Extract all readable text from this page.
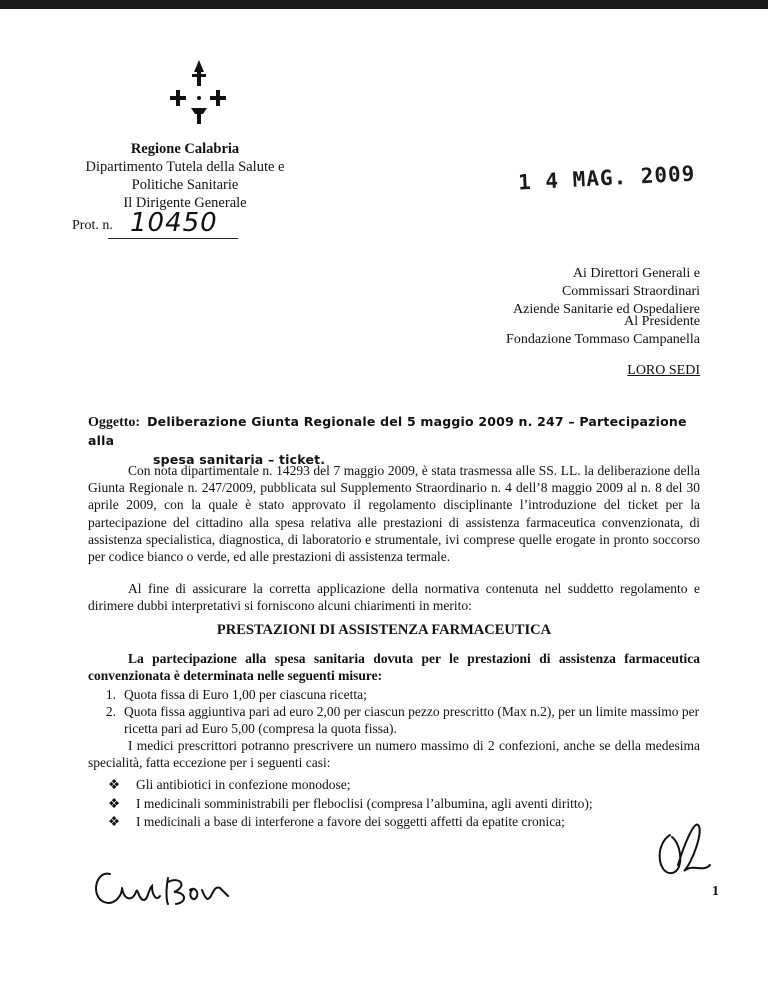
Regione Calabria
Dipartimento Tutela della Salute e
Politiche Sanitarie
Il Dirigente Generale
1 4 MAG. 2009
Prot. n. 10450
Ai Direttori Generali e
Commissari Straordinari
Aziende Sanitarie ed Ospedaliere
Al Presidente
Fondazione Tommaso Campanella
LORO SEDI
Oggetto: Deliberazione Giunta Regionale del 5 maggio 2009 n. 247 – Partecipazione alla
spesa sanitaria – ticket.
Con nota dipartimentale n. 14293 del 7 maggio 2009, è stata trasmessa alle SS. LL. la deliberazione della Giunta Regionale n. 247/2009, pubblicata sul Supplemento Straordinario n. 4 dell’8 maggio 2009 al n. 8 del 30 aprile 2009, con la quale è stato approvato il regolamento disciplinante l’introduzione del ticket per la partecipazione del cittadino alla spesa relativa alle prestazioni di assistenza farmaceutica convenzionata, di assistenza specialistica, diagnostica, di laboratorio e strumentale, ivi comprese quelle erogate in pronto soccorso per codice bianco o verde, ed alle prestazioni di assistenza termale.
Al fine di assicurare la corretta applicazione della normativa contenuta nel suddetto regolamento e dirimere dubbi interpretativi si forniscono alcuni chiarimenti in merito:
PRESTAZIONI DI ASSISTENZA FARMACEUTICA
La partecipazione alla spesa sanitaria dovuta per le prestazioni di assistenza farmaceutica convenzionata è determinata nelle seguenti misure:
1. Quota fissa di Euro 1,00 per ciascuna ricetta;
2. Quota fissa aggiuntiva pari ad euro 2,00 per ciascun pezzo prescritto (Max n.2), per un limite massimo per ricetta pari ad Euro 5,00 (compresa la quota fissa).
I medici prescrittori potranno prescrivere un numero massimo di 2 confezioni, anche se della medesima specialità, fatta eccezione per i seguenti casi:
❖	Gli antibiotici in confezione monodose;
❖	I medicinali somministrabili per fleboclisi (compresa l’albumina, agli aventi diritto);
❖	I medicinali a base di interferone a favore dei soggetti affetti da epatite cronica;
1
